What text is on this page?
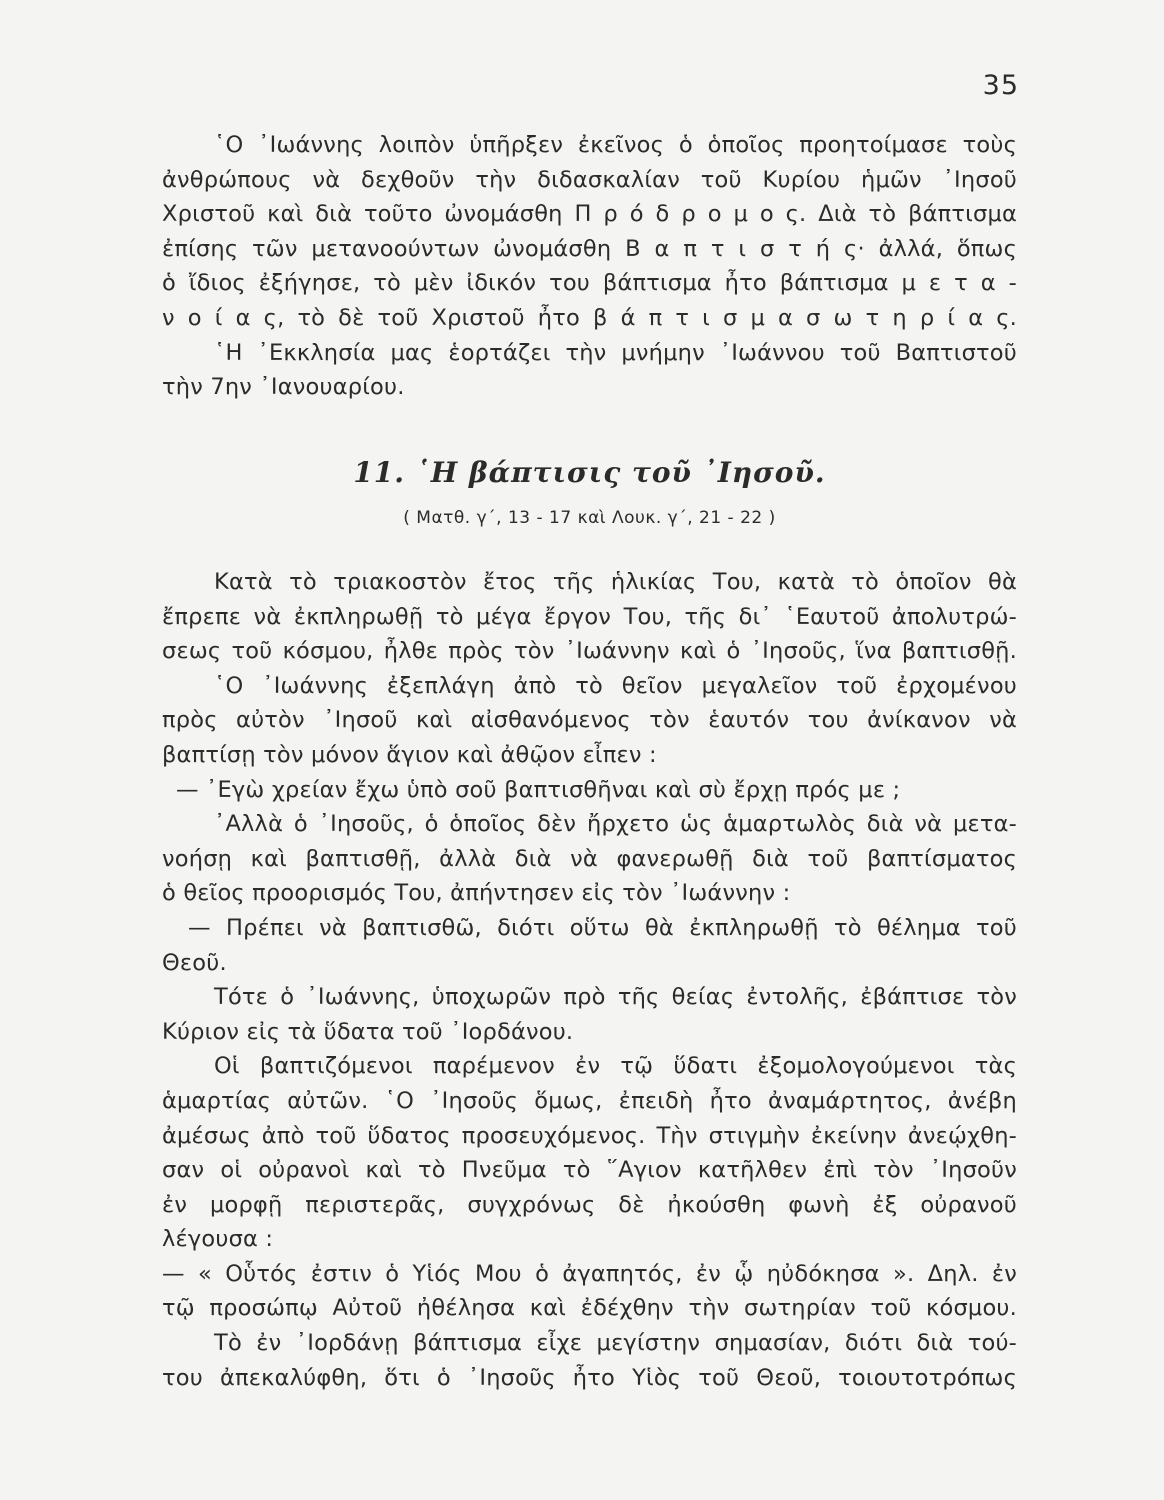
35

῾Ο ᾿Ιωάννης λοιπὸν ὑπῆρξεν ἐκεῖνος ὁ ὁποῖος προητοίμασε τοὺς

ἀνθρώπους νὰ δεχθοῦν τὴν διδασκαλίαν τοῦ Κυρίου ἡμῶν ᾿Ιησοῦ

Χριστοῦ καὶ διὰ τοῦτο ὠνομάσθη Π ρ ό δ ρ ο μ ο ς. Διὰ τὸ βάπτισμα

ἐπίσης τῶν μετανοούντων ὠνομάσθη Β α π τ ι σ τ ή ς· ἀλλά, ὅπως

ὁ ἴδιος ἐξήγησε, τὸ μὲν ἰδικόν του βάπτισμα ἦτο βάπτισμα μ ε τ α -

ν ο ί α ς, τὸ δὲ τοῦ Χριστοῦ ἦτο β ά π τ ι σ μ α σ ω τ η ρ ί α ς.

῾Η ᾿Εκκλησία μας ἑορτάζει τὴν μνήμην ᾿Ιωάννου τοῦ Βαπτιστοῦ

τὴν 7ην ᾿Ιανουαρίου.

11. ῾Η βάπτισις τοῦ ᾿Ιησοῦ.
( Ματθ. γ΄, 13 - 17 καὶ Λουκ. γ΄, 21 - 22 )

Κατὰ τὸ τριακοστὸν ἔτος τῆς ἡλικίας Του, κατὰ τὸ ὁποῖον θὰ

ἔπρεπε νὰ ἐκπληρωθῇ τὸ μέγα ἔργον Του, τῆς δι᾿ ῾Εαυτοῦ ἀπολυτρώ-

σεως τοῦ κόσμου, ἦλθε πρὸς τὸν ᾿Ιωάννην καὶ ὁ ᾿Ιησοῦς, ἵνα βαπτισθῇ.

῾Ο ᾿Ιωάννης ἐξεπλάγη ἀπὸ τὸ θεῖον μεγαλεῖον τοῦ ἐρχομένου

πρὸς αὐτὸν ᾿Ιησοῦ καὶ αἰσθανόμενος τὸν ἑαυτόν του ἀνίκανον νὰ

βαπτίσῃ τὸν μόνον ἅγιον καὶ ἀθῷον εἶπεν :

— ᾿Εγὼ χρείαν ἔχω ὑπὸ σοῦ βαπτισθῆναι καὶ σὺ ἔρχῃ πρός με ;

᾿Αλλὰ ὁ ᾿Ιησοῦς, ὁ ὁποῖος δὲν ἤρχετο ὡς ἁμαρτωλὸς διὰ νὰ μετα-

νοήσῃ καὶ βαπτισθῇ, ἀλλὰ διὰ νὰ φανερωθῇ διὰ τοῦ βαπτίσματος

ὁ θεῖος προορισμός Του, ἀπήντησεν εἰς τὸν ᾿Ιωάννην :

— Πρέπει νὰ βαπτισθῶ, διότι οὕτω θὰ ἐκπληρωθῇ τὸ θέλημα τοῦ

Θεοῦ.

Τότε ὁ ᾿Ιωάννης, ὑποχωρῶν πρὸ τῆς θείας ἐντολῆς, ἐβάπτισε τὸν

Κύριον εἰς τὰ ὕδατα τοῦ ᾿Ιορδάνου.

Οἱ βαπτιζόμενοι παρέμενον ἐν τῷ ὕδατι ἐξομολογούμενοι τὰς

ἁμαρτίας αὐτῶν. ῾Ο ᾿Ιησοῦς ὅμως, ἐπειδὴ ἦτο ἀναμάρτητος, ἀνέβη

ἀμέσως ἀπὸ τοῦ ὕδατος προσευχόμενος. Τὴν στιγμὴν ἐκείνην ἀνεῴχθη-

σαν οἱ οὐρανοὶ καὶ τὸ Πνεῦμα τὸ ῞Αγιον κατῆλθεν ἐπὶ τὸν ᾿Ιησοῦν

ἐν μορφῇ περιστερᾶς, συγχρόνως δὲ ἠκούσθη φωνὴ ἐξ οὐρανοῦ

λέγουσα :

— « Οὗτός ἐστιν ὁ Υἱός Μου ὁ ἀγαπητός, ἐν ᾧ ηὐδόκησα ». Δηλ. ἐν

τῷ προσώπῳ Αὐτοῦ ἠθέλησα καὶ ἐδέχθην τὴν σωτηρίαν τοῦ κόσμου.

Τὸ ἐν ᾿Ιορδάνῃ βάπτισμα εἶχε μεγίστην σημασίαν, διότι διὰ τού-

του ἀπεκαλύφθη, ὅτι ὁ ᾿Ιησοῦς ἦτο Υἱὸς τοῦ Θεοῦ, τοιουτοτρόπως
